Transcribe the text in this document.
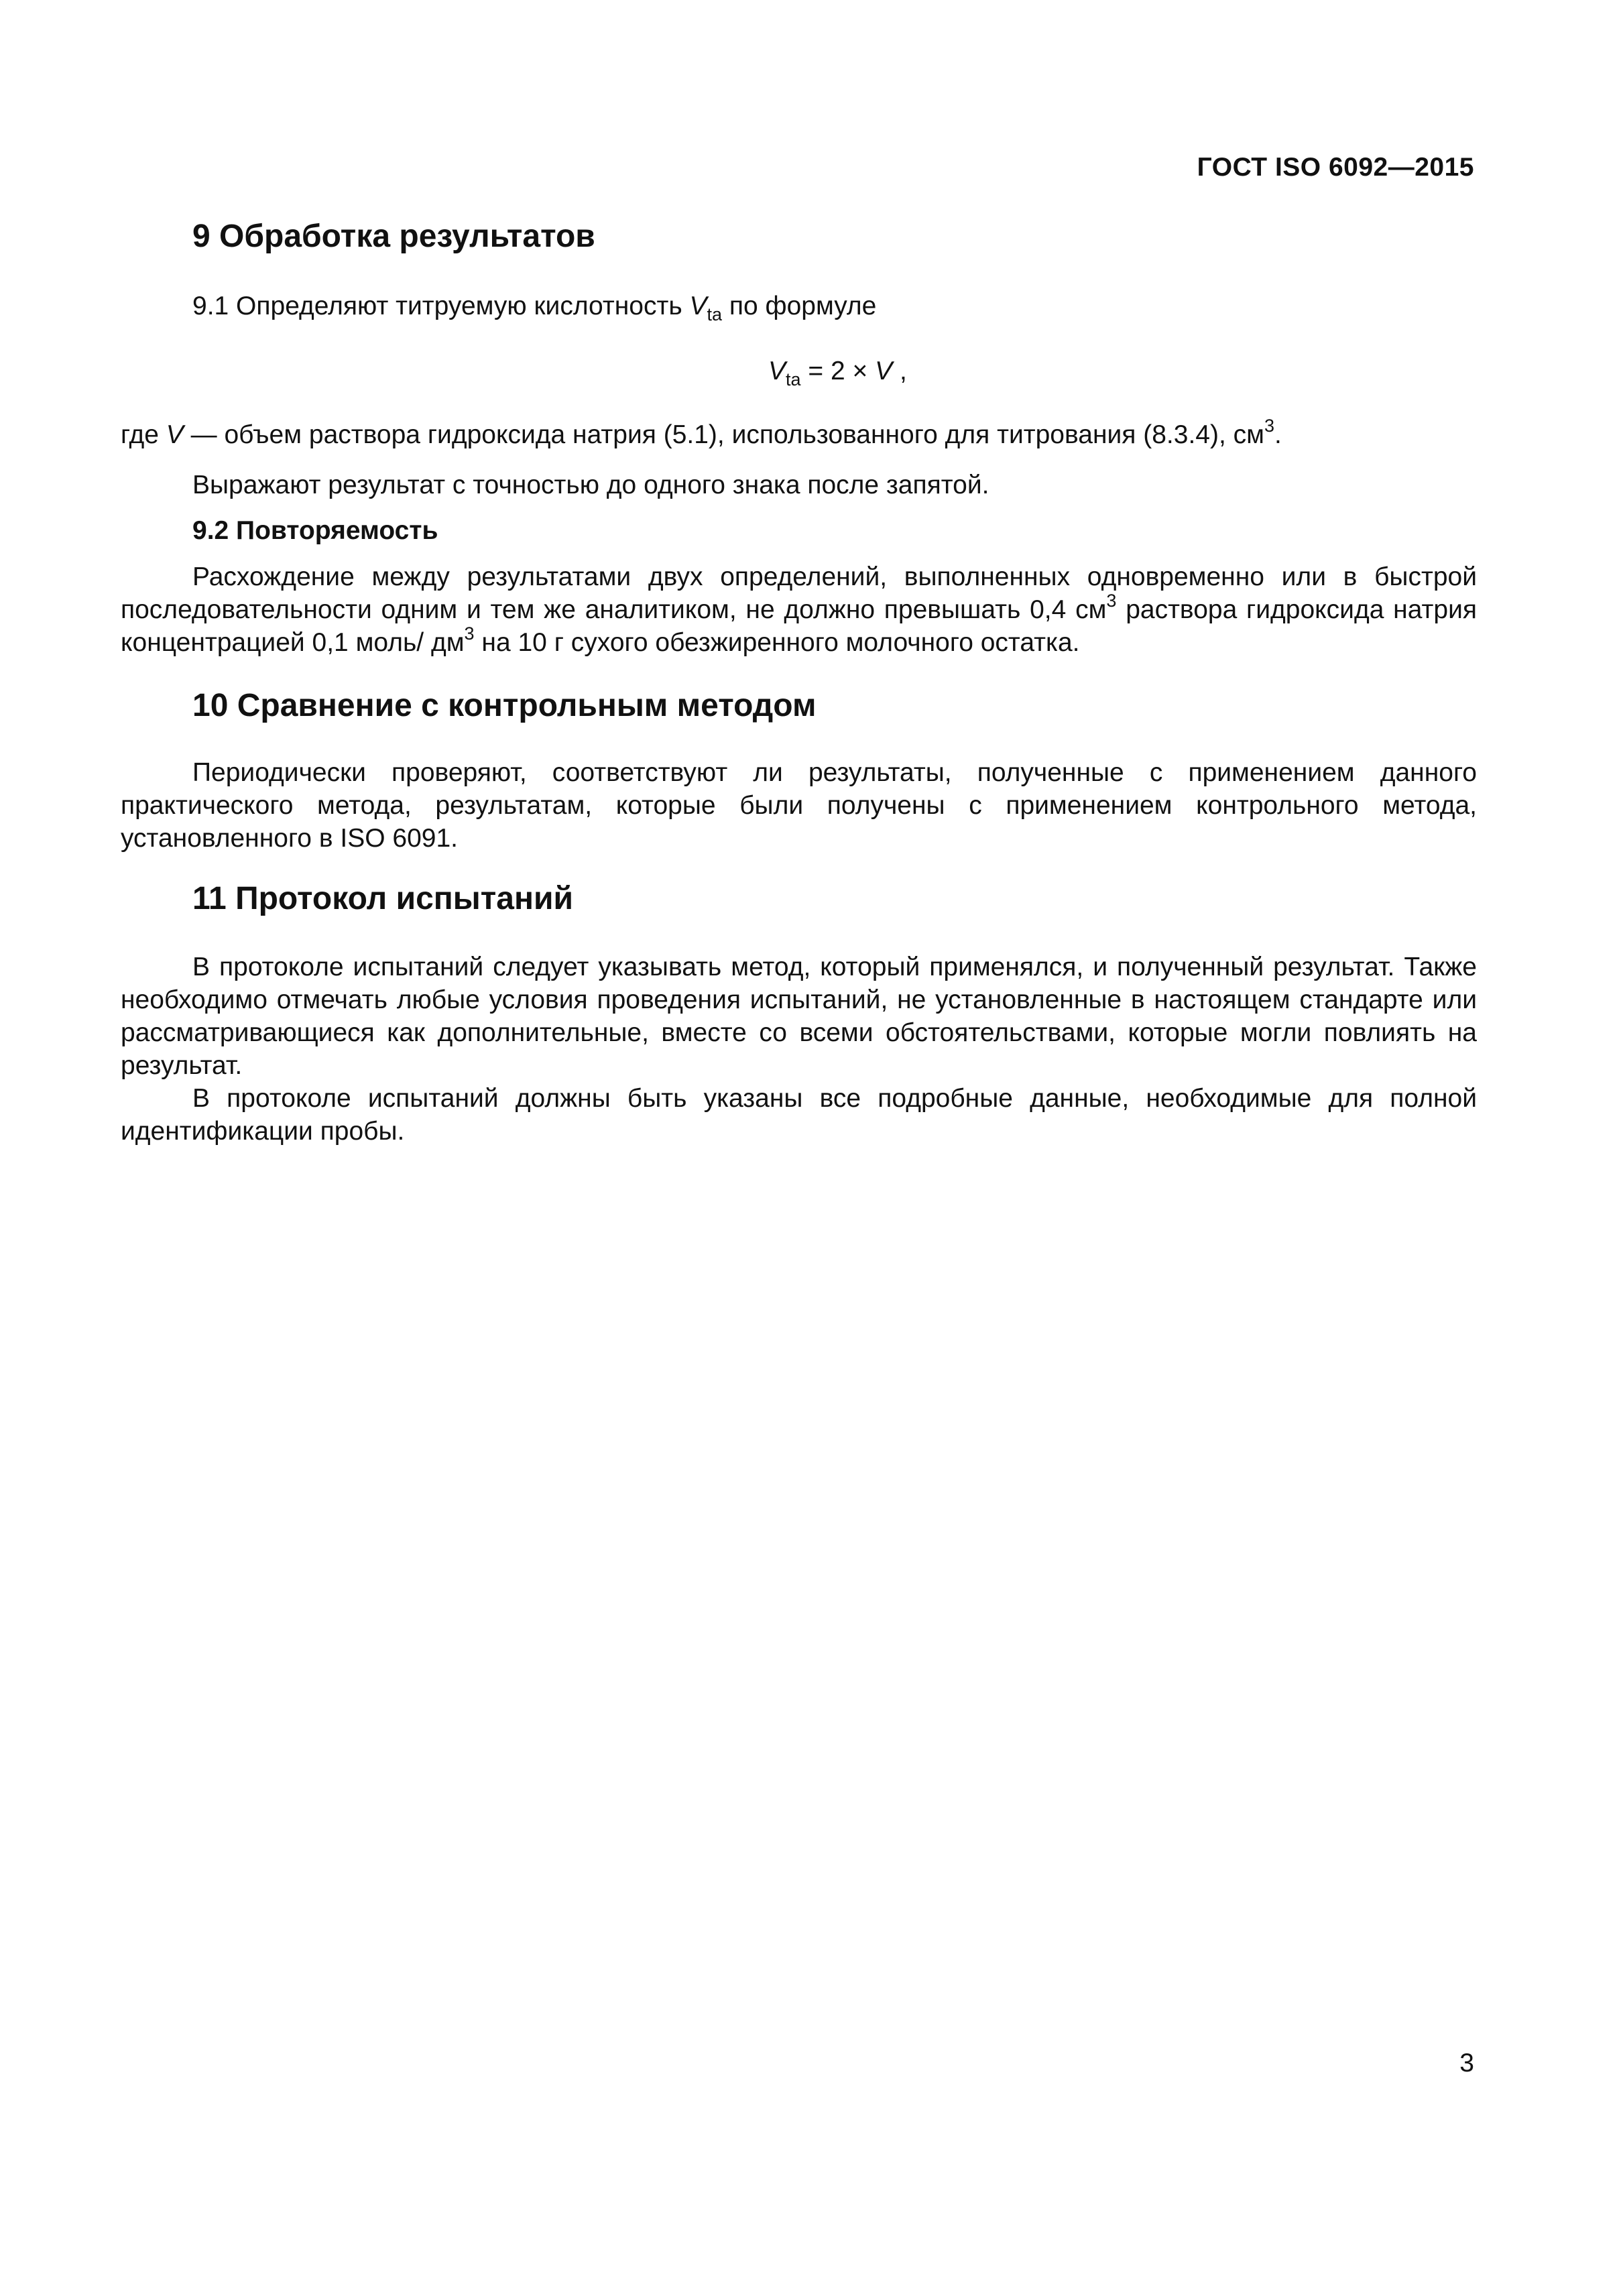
ГОСТ ISO 6092—2015
9 Обработка результатов
9.1 Определяют титруемую кислотность $V_{ta}$ по формуле
$V_{ta} = 2 \times V$ ,
где V — объем раствора гидроксида натрия (5.1), использованного для титрования (8.3.4), $см^3$.
Выражают результат с точностью до одного знака после запятой.
9.2 Повторяемость
Расхождение между результатами двух определений, выполненных одновременно или в быстрой последовательности одним и тем же аналитиком, не должно превышать 0,4 $см^3$ раствора гидроксида натрия концентрацией 0,1 моль/ $дм^3$ на 10 г сухого обезжиренного молочного остатка.
10 Сравнение с контрольным методом
Периодически проверяют, соответствуют ли результаты, полученные с применением данного практического метода, результатам, которые были получены с применением контрольного метода, установленного в ISO 6091.
11 Протокол испытаний
В протоколе испытаний следует указывать метод, который применялся, и полученный результат. Также необходимо отмечать любые условия проведения испытаний, не установленные в настоящем стандарте или рассматривающиеся как дополнительные, вместе со всеми обстоятельствами, которые могли повлиять на результат.
В протоколе испытаний должны быть указаны все подробные данные, необходимые для полной идентификации пробы.
3
